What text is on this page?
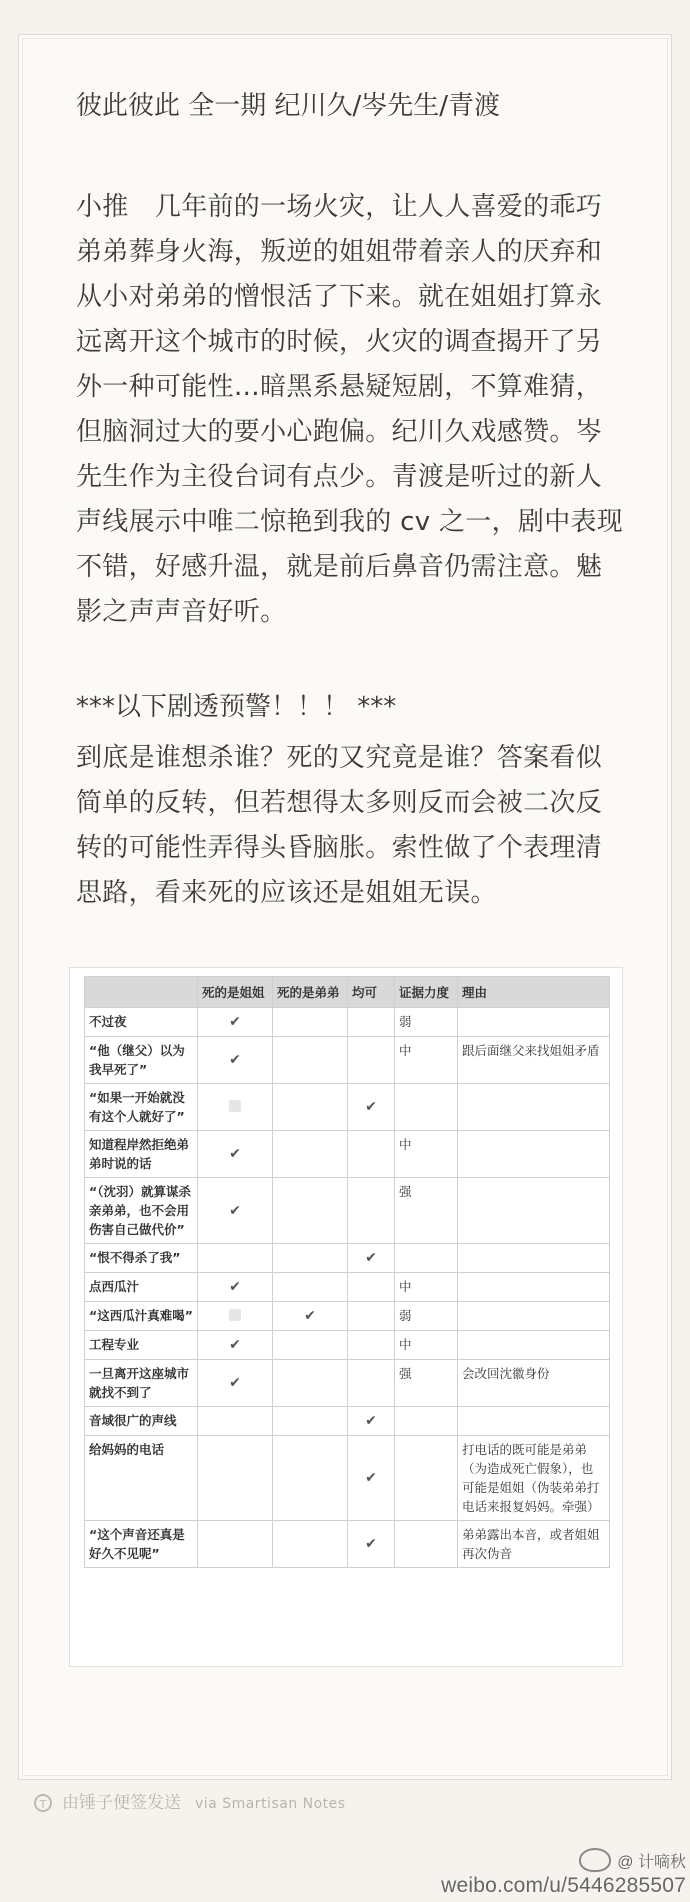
彼此彼此 全一期 纪川久/岑先生/青渡

小推　几年前的一场火灾，让人人喜爱的乖巧弟弟葬身火海，叛逆的姐姐带着亲人的厌弃和从小对弟弟的憎恨活了下来。就在姐姐打算永远离开这个城市的时候，火灾的调查揭开了另外一种可能性…暗黑系悬疑短剧，不算难猜，但脑洞过大的要小心跑偏。纪川久戏感赞。岑先生作为主役台词有点少。青渡是听过的新人声线展示中唯二惊艳到我的 cv 之一，剧中表现不错，好感升温，就是前后鼻音仍需注意。魅影之声声音好听。

***以下剧透预警！！！ ***

到底是谁想杀谁？死的又究竟是谁？答案看似简单的反转，但若想得太多则反而会被二次反转的可能性弄得头昏脑胀。索性做了个表理清思路，看来死的应该还是姐姐无误。

	死的是姐姐	死的是弟弟	均可	证据力度	理由
不过夜	✔			弱	
“他（继父）以为我早死了”	✔			中	跟后面继父来找姐姐矛盾
“如果一开始就没有这个人就好了”			✔		
知道程岸然拒绝弟弟时说的话	✔			中	
“（沈羽）就算谋杀亲弟弟，也不会用伤害自己做代价”	✔			强	
“恨不得杀了我”			✔		
点西瓜汁	✔			中	
“这西瓜汁真难喝”		✔		弱	
工程专业	✔			中	
一旦离开这座城市就找不到了	✔			强	会改回沈徽身份
音域很广的声线			✔		
给妈妈的电话			✔		打电话的既可能是弟弟（为造成死亡假象），也可能是姐姐（伪装弟弟打电话来报复妈妈。牵强）
“这个声音还真是好久不见呢”			✔		弟弟露出本音，或者姐姐再次伪音
T 由锤子便签发送 via Smartisan Notes
@ 计嘀秋
weibo.com/u/5446285507
